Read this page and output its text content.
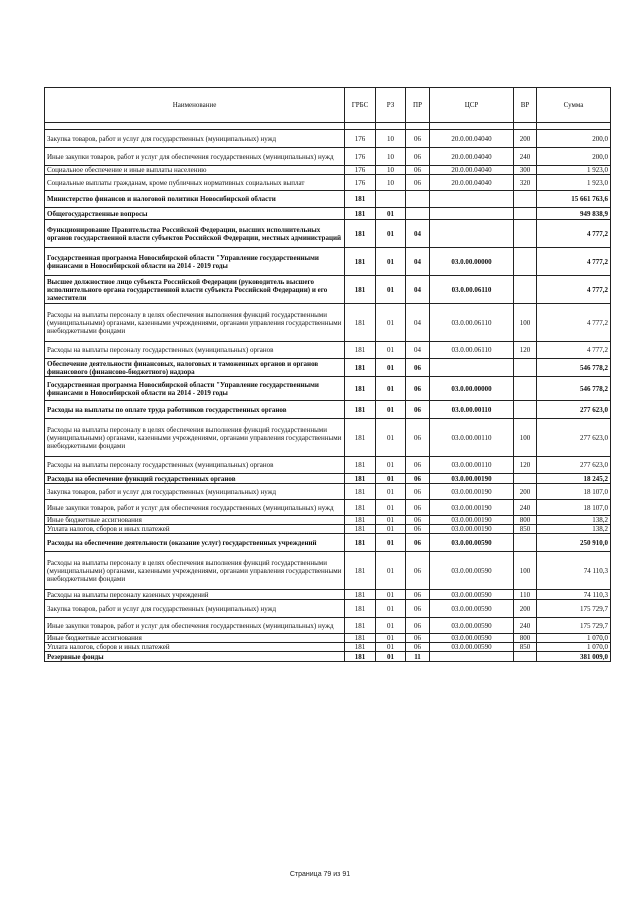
Наименование	ГРБС	РЗ	ПР	ЦСР	ВР	Сумма

Закупка товаров, работ и услуг для государственных (муниципальных) нужд	176	10	06	20.0.00.04040	200	200,0
Иные закупки товаров, работ и услуг для обеспечения государственных (муниципальных) нужд	176	10	06	20.0.00.04040	240	200,0
Социальное обеспечение и иные выплаты населению	176	10	06	20.0.00.04040	300	1 923,0
Социальные выплаты гражданам, кроме публичных нормативных социальных выплат	176	10	06	20.0.00.04040	320	1 923,0
Министерство финансов и налоговой политики Новосибирской области	181					15 661 763,6
Общегосударственные вопросы	181	01				949 838,9
Функционирование Правительства Российской Федерации, высших исполнительных органов государственной власти субъектов Российской Федерации, местных администраций	181	01	04			4 777,2
Государственная программа Новосибирской области "Управление государственными финансами в Новосибирской области на 2014 - 2019 годы	181	01	04	03.0.00.00000		4 777,2
Высшее должностное лицо субъекта Российской Федерации (руководитель высшего исполнительного органа государственной власти субъекта Российской Федерации) и его заместители	181	01	04	03.0.00.06110		4 777,2
Расходы на выплаты персоналу в целях обеспечения выполнения функций государственными (муниципальными) органами, казенными учреждениями, органами управления государственными внебюджетными фондами	181	01	04	03.0.00.06110	100	4 777,2
Расходы на выплаты персоналу государственных (муниципальных) органов	181	01	04	03.0.00.06110	120	4 777,2
Обеспечение деятельности финансовых, налоговых и таможенных органов и органов финансового (финансово-бюджетного) надзора	181	01	06			546 778,2
Государственная программа Новосибирской области "Управление государственными финансами в Новосибирской области на 2014 - 2019 годы	181	01	06	03.0.00.00000		546 778,2
Расходы на выплаты по оплате труда работников государственных органов	181	01	06	03.0.00.00110		277 623,0
Расходы на выплаты персоналу в целях обеспечения выполнения функций государственными (муниципальными) органами, казенными учреждениями, органами управления государственными внебюджетными фондами	181	01	06	03.0.00.00110	100	277 623,0
Расходы на выплаты персоналу государственных (муниципальных) органов	181	01	06	03.0.00.00110	120	277 623,0
Расходы на обеспечение функций государственных органов	181	01	06	03.0.00.00190		18 245,2
Закупка товаров, работ и услуг для государственных (муниципальных) нужд	181	01	06	03.0.00.00190	200	18 107,0
Иные закупки товаров, работ и услуг для обеспечения государственных (муниципальных) нужд	181	01	06	03.0.00.00190	240	18 107,0
Иные бюджетные ассигнования	181	01	06	03.0.00.00190	800	138,2
Уплата налогов, сборов и иных платежей	181	01	06	03.0.00.00190	850	138,2
Расходы на обеспечение деятельности (оказание услуг) государственных учреждений	181	01	06	03.0.00.00590		250 910,0
Расходы на выплаты персоналу в целях обеспечения выполнения функций государственными (муниципальными) органами, казенными учреждениями, органами управления государственными внебюджетными фондами	181	01	06	03.0.00.00590	100	74 110,3
Расходы на выплаты персоналу казенных учреждений	181	01	06	03.0.00.00590	110	74 110,3
Закупка товаров, работ и услуг для государственных (муниципальных) нужд	181	01	06	03.0.00.00590	200	175 729,7
Иные закупки товаров, работ и услуг для обеспечения государственных (муниципальных) нужд	181	01	06	03.0.00.00590	240	175 729,7
Иные бюджетные ассигнования	181	01	06	03.0.00.00590	800	1 070,0
Уплата налогов, сборов и иных платежей	181	01	06	03.0.00.00590	850	1 070,0
Резервные фонды	181	01	11			381 009,0
Страница 79 из 91
